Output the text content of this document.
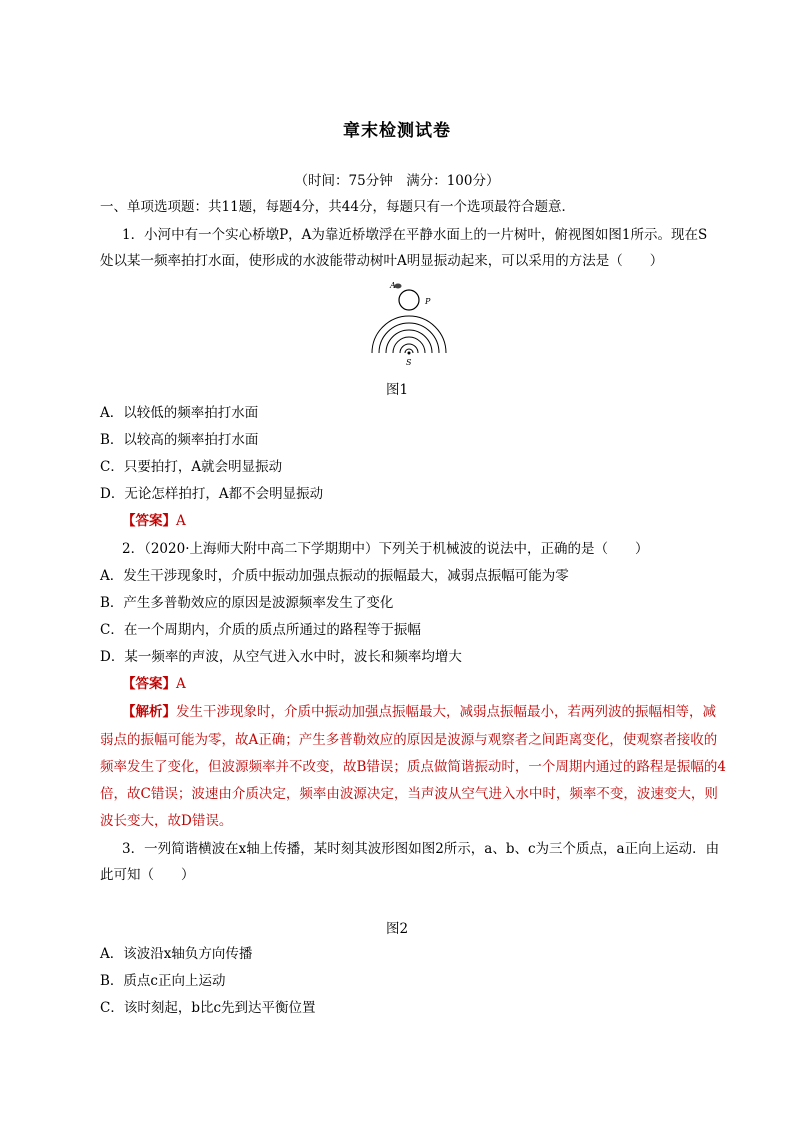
章末检测试卷
（时间：75分钟　满分：100分）
一、单项选项题：共11题，每题4分，共44分，每题只有一个选项最符合题意．
1．小河中有一个实心桥墩P，A为靠近桥墩浮在平静水面上的一片树叶，俯视图如图1所示。现在S
处以某一频率拍打水面，使形成的水波能带动树叶A明显振动起来，可以采用的方法是（　　）
A
P
S
图1
A．以较低的频率拍打水面
B．以较高的频率拍打水面
C．只要拍打，A就会明显振动
D．无论怎样拍打，A都不会明显振动
【答案】A
2．（2020·上海师大附中高二下学期期中）下列关于机械波的说法中，正确的是（　　）
A．发生干涉现象时，介质中振动加强点振动的振幅最大，减弱点振幅可能为零
B．产生多普勒效应的原因是波源频率发生了变化
C．在一个周期内，介质的质点所通过的路程等于振幅
D．某一频率的声波，从空气进入水中时，波长和频率均增大
【答案】A
【解析】发生干涉现象时，介质中振动加强点振幅最大，减弱点振幅最小，若两列波的振幅相等，减
弱点的振幅可能为零，故A正确；产生多普勒效应的原因是波源与观察者之间距离变化，使观察者接收的
频率发生了变化，但波源频率并不改变，故B错误；质点做简谐振动时，一个周期内通过的路程是振幅的4
倍，故C错误；波速由介质决定，频率由波源决定，当声波从空气进入水中时，频率不变，波速变大，则
波长变大，故D错误。
3．一列简谐横波在x轴上传播，某时刻其波形图如图2所示，a、b、c为三个质点，a正向上运动．由
此可知（　　）
图2
A．该波沿x轴负方向传播
B．质点c正向上运动
C．该时刻起，b比c先到达平衡位置
